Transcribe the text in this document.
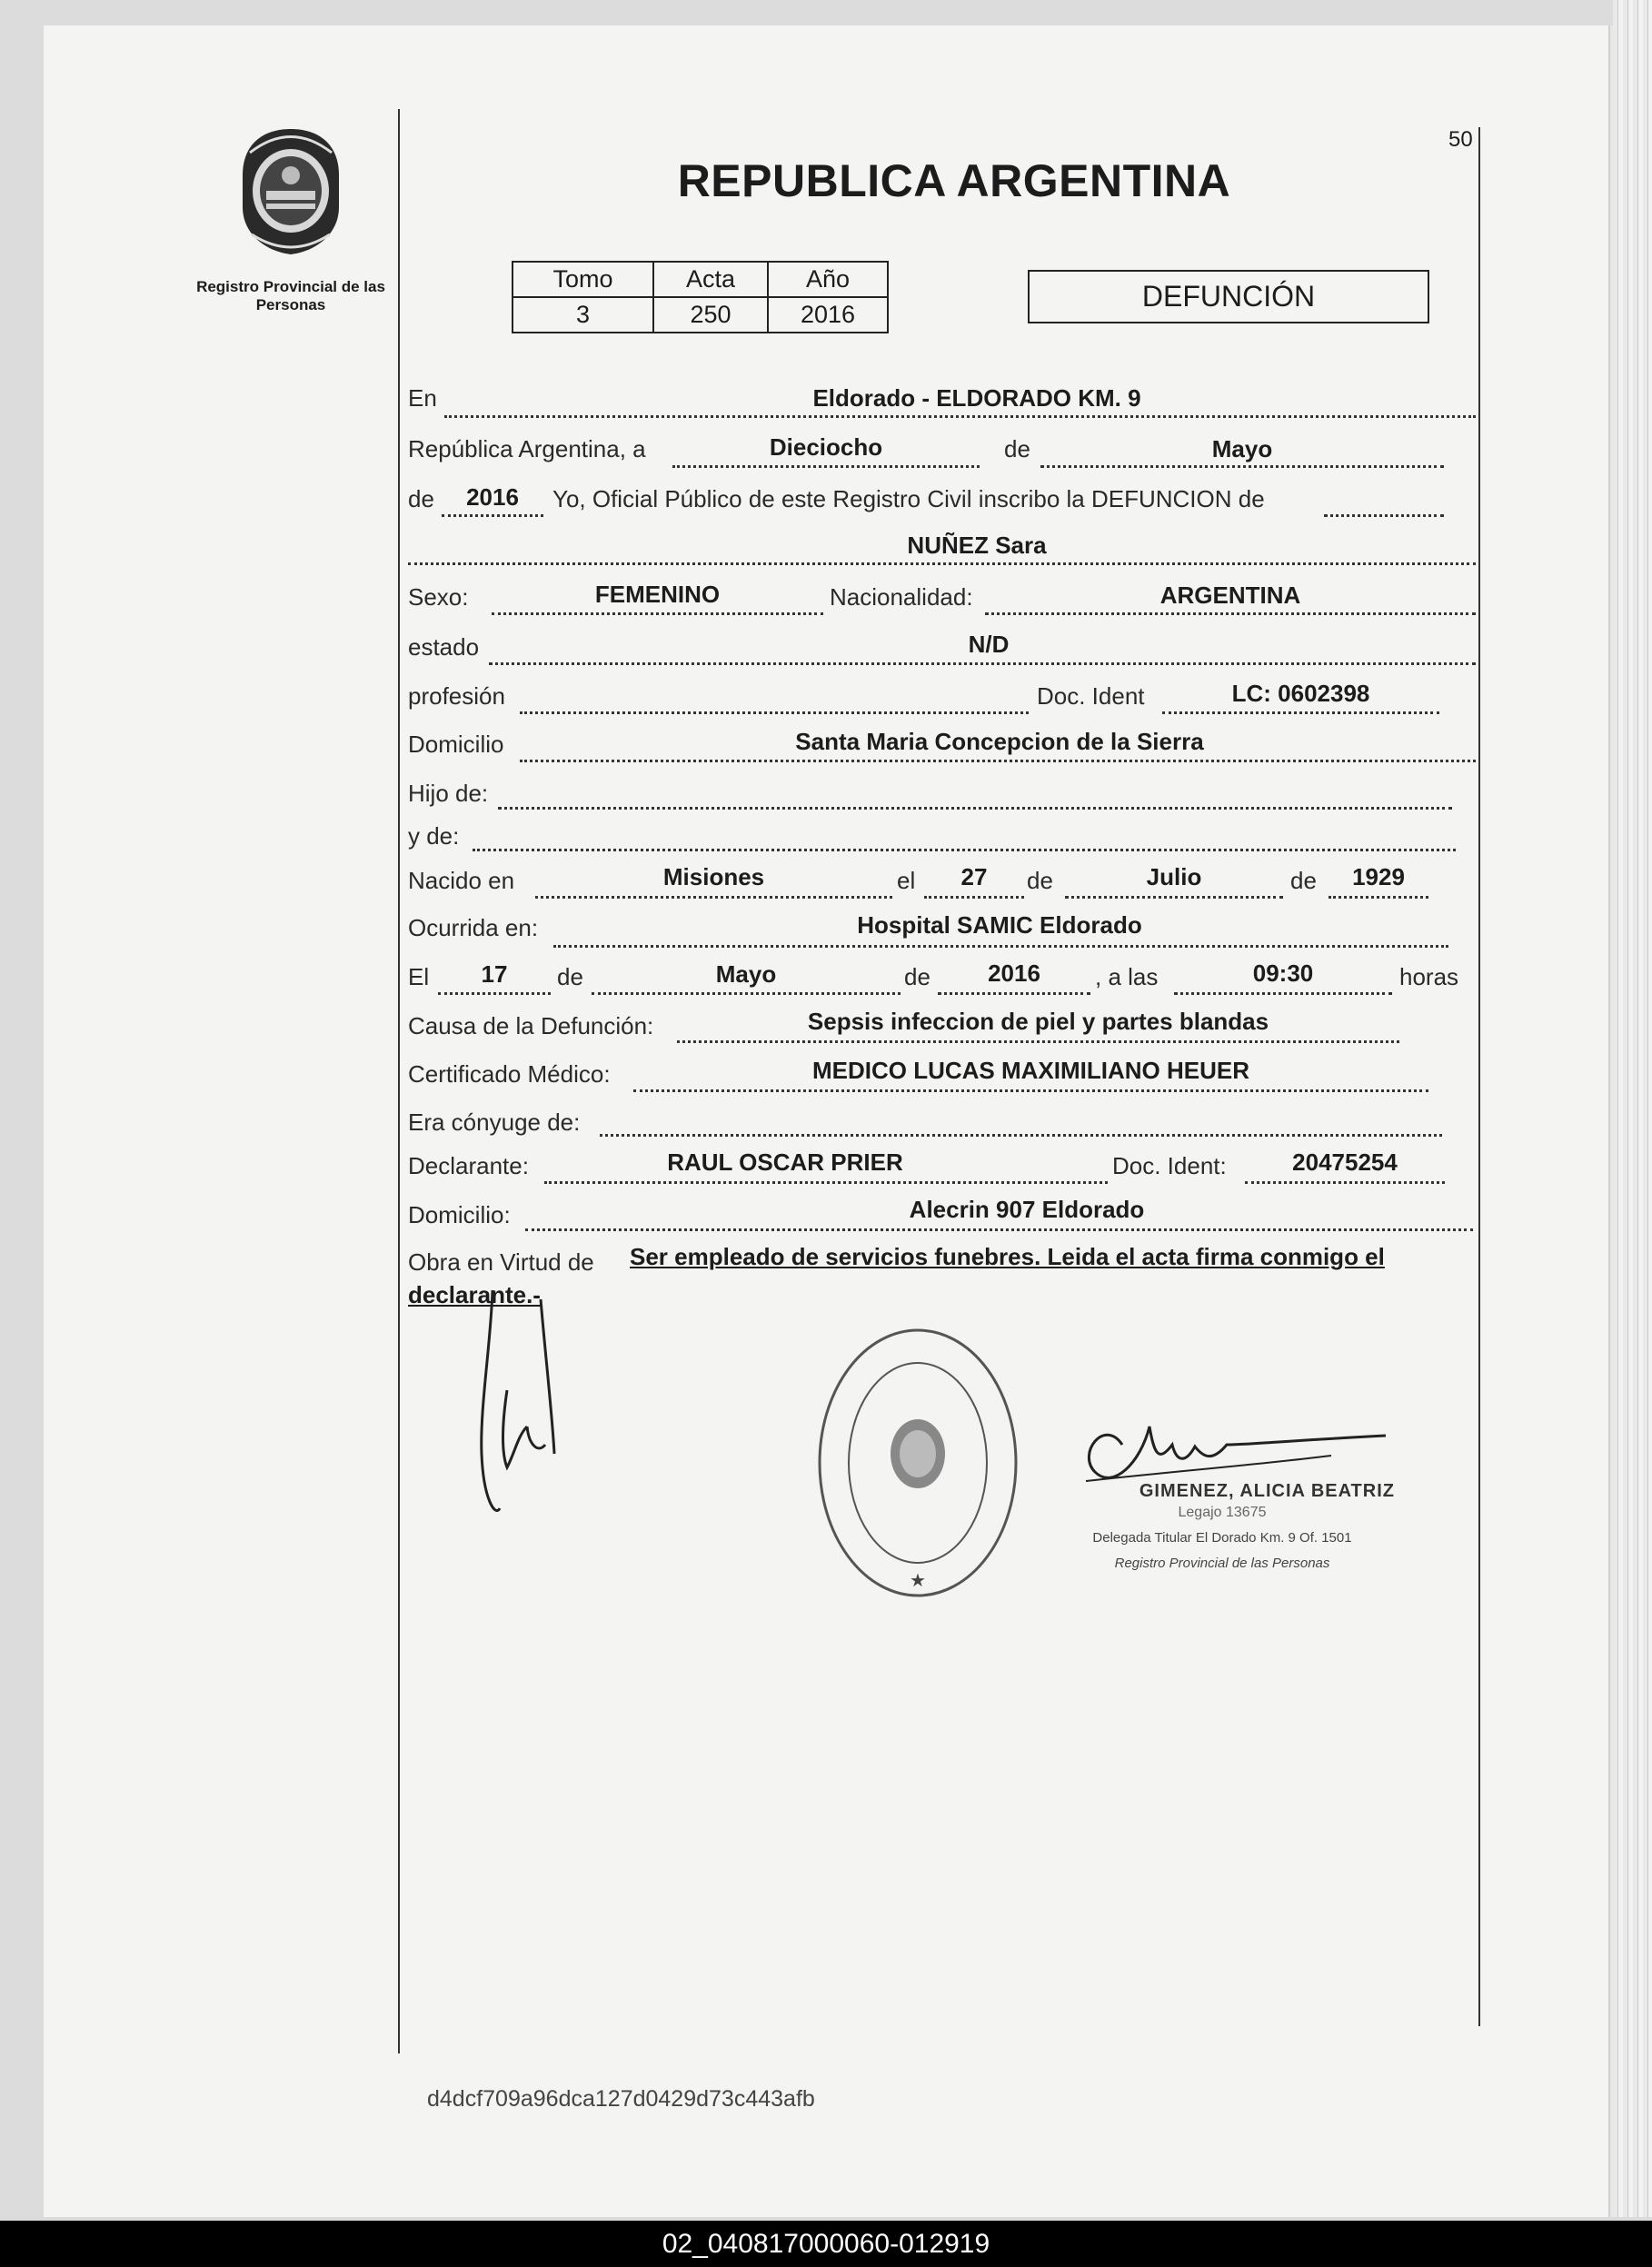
Registro Provincial de las Personas
REPUBLICA ARGENTINA
50
Tomo	Acta	Año
3	250	2016
DEFUNCIÓN
En	Eldorado - ELDORADO KM. 9
República Argentina, a	Dieciocho	de	Mayo
de	2016	Yo, Oficial Público de este Registro Civil inscribo la DEFUNCION de
NUÑEZ Sara
Sexo:	FEMENINO	Nacionalidad:	ARGENTINA
estado	N/D
profesión	Doc. Ident	LC: 0602398
Domicilio	Santa Maria Concepcion de la Sierra
Hijo de:
y de:
Nacido en	Misiones	el	27	de	Julio	de	1929
Ocurrida en:	Hospital SAMIC Eldorado
El	17	de	Mayo	de	2016	, a las	09:30	horas
Causa de la Defunción:	Sepsis infeccion de piel y partes blandas
Certificado Médico:	MEDICO LUCAS MAXIMILIANO HEUER
Era cónyuge de:
Declarante:	RAUL OSCAR PRIER	Doc. Ident:	20475254
Domicilio:	Alecrin 907 Eldorado
Obra en Virtud de Ser empleado de servicios funebres. Leida el acta firma conmigo el
declarante.-
★
GIMENEZ, ALICIA BEATRIZ
Legajo 13675
Delegada Titular El Dorado Km. 9 Of. 1501
Registro Provincial de las Personas
d4dcf709a96dca127d0429d73c443afb
02_040817000060-012919
